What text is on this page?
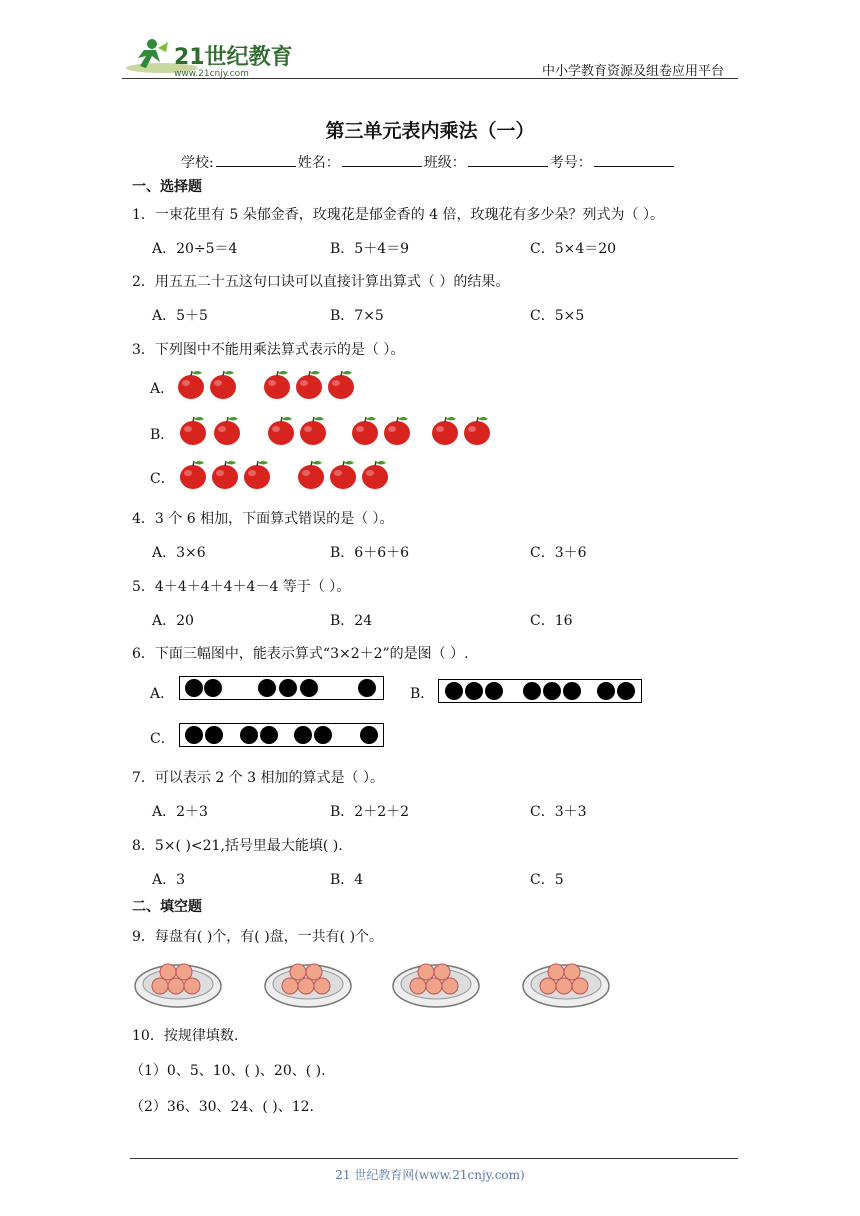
21世纪教育
www.21cnjy.com	中小学教育资源及组卷应用平台
第三单元表内乘法（一）
学校:	姓名：	班级：	考号：
一、选择题
1．一束花里有 5 朵郁金香，玫瑰花是郁金香的 4 倍，玫瑰花有多少朵？列式为（ ）。
A．20÷5＝4	B．5＋4＝9	C．5×4＝20
2．用五五二十五这句口诀可以直接计算出算式（ ）的结果。
A．5＋5	B．7×5	C．5×5
3．下列图中不能用乘法算式表示的是（ ）。
A．
B．
C．
4．3 个 6 相加，下面算式错误的是（ ）。
A．3×6	B．6＋6＋6	C．3＋6
5．4＋4＋4＋4＋4－4 等于（ ）。
A．20	B．24	C．16
6．下面三幅图中，能表示算式“3×2＋2”的是图（ ）.
A．	B．
C．
7．可以表示 2 个 3 相加的算式是（ ）。
A．2＋3	B．2＋2＋2	C．3＋3
8．5×( )<21,括号里最大能填( ).
A．3	B．4	C．5
二、填空题
9．每盘有( )个，有( )盘，一共有( )个。
10．按规律填数.
（1）0、5、10、( )、20、( ).
（2）36、30、24、( )、12.
21 世纪教育网(www.21cnjy.com)
